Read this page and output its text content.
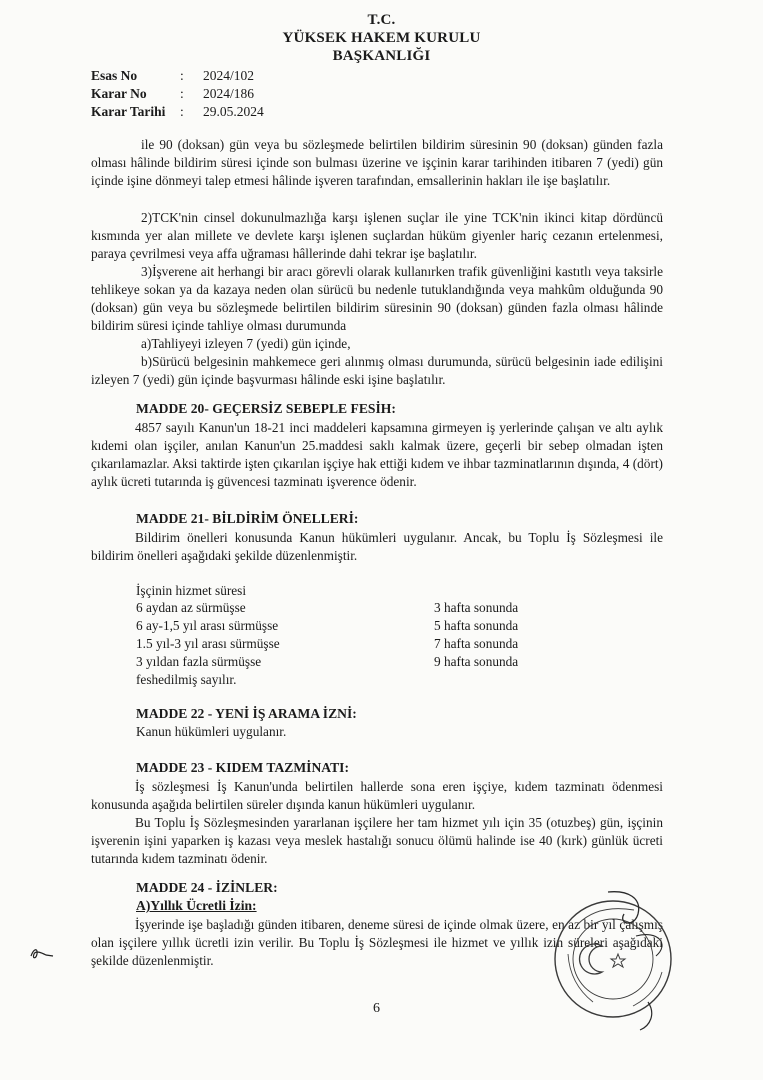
T.C.
YÜKSEK HAKEM KURULU
BAŞKANLIĞI
Esas No	: 2024/102
Karar No : 2024/186
Karar Tarihi : 29.05.2024
ile 90 (doksan) gün veya bu sözleşmede belirtilen bildirim süresinin 90 (doksan) günden fazla olması hâlinde bildirim süresi içinde son bulması üzerine ve işçinin karar tarihinden itibaren 7 (yedi) gün içinde işine dönmeyi talep etmesi hâlinde işveren tarafından, emsallerinin hakları ile işe başlatılır.
2)TCK'nin cinsel dokunulmazlığa karşı işlenen suçlar ile yine TCK'nin ikinci kitap dördüncü kısmında yer alan millete ve devlete karşı işlenen suçlardan hüküm giyenler hariç cezanın ertelenmesi, paraya çevrilmesi veya affa uğraması hâllerinde dahi tekrar işe başlatılır.
3)İşverene ait herhangi bir aracı görevli olarak kullanırken trafik güvenliğini kastıtlı veya taksirle tehlikeye sokan ya da kazaya neden olan sürücü bu nedenle tutuklandığında veya mahkûm olduğunda 90 (doksan) gün veya bu sözleşmede belirtilen bildirim süresinin 90 (doksan) günden fazla olması hâlinde bildirim süresi içinde tahliye olması durumunda
a)Tahliyeyi izleyen 7 (yedi) gün içinde,
b)Sürücü belgesinin mahkemece geri alınmış olması durumunda, sürücü belgesinin iade edilişini izleyen 7 (yedi) gün içinde başvurması hâlinde eski işine başlatılır.
MADDE 20- GEÇERSİZ SEBEPLE FESİH:
4857 sayılı Kanun'un 18-21 inci maddeleri kapsamına girmeyen iş yerlerinde çalışan ve altı aylık kıdemi olan işçiler, anılan Kanun'un 25.maddesi saklı kalmak üzere, geçerli bir sebep olmadan işten çıkarılamazlar. Aksi taktirde işten çıkarılan işçiye hak ettiği kıdem ve ihbar tazminatlarının dışında, 4 (dört) aylık ücreti tutarında iş güvencesi tazminatı işverence ödenir.
MADDE 21- BİLDİRİM ÖNELLERİ:
Bildirim önelleri konusunda Kanun hükümleri uygulanır. Ancak, bu Toplu İş Sözleşmesi ile bildirim önelleri aşağıdaki şekilde düzenlenmiştir.
İşçinin hizmet süresi
6 aydan az sürmüşse	3 hafta sonunda
6 ay-1,5 yıl arası sürmüşse	5 hafta sonunda
1.5 yıl-3 yıl arası sürmüşse	7 hafta sonunda
3 yıldan fazla sürmüşse	9 hafta sonunda
feshedilmiş sayılır.
MADDE 22 - YENİ İŞ ARAMA İZNİ:
Kanun hükümleri uygulanır.
MADDE 23 - KIDEM TAZMİNATI:
İş sözleşmesi İş Kanun'unda belirtilen hallerde sona eren işçiye, kıdem tazminatı ödenmesi konusunda aşağıda belirtilen süreler dışında kanun hükümleri uygulanır.
Bu Toplu İş Sözleşmesinden yararlanan işçilere her tam hizmet yılı için 35 (otuzbeş) gün, işçinin işverenin işini yaparken iş kazası veya meslek hastalığı sonucu ölümü halinde ise 40 (kırk) günlük ücreti tutarında kıdem tazminatı ödenir.
MADDE 24 - İZİNLER:
A)Yıllık Ücretli İzin:
İşyerinde işe başladığı günden itibaren, deneme süresi de içinde olmak üzere, en az bir yıl çalışmış olan işçilere yıllık ücretli izin verilir. Bu Toplu İş Sözleşmesi ile hizmet ve yıllık izin süreleri aşağıdaki şekilde düzenlenmiştir.
6
